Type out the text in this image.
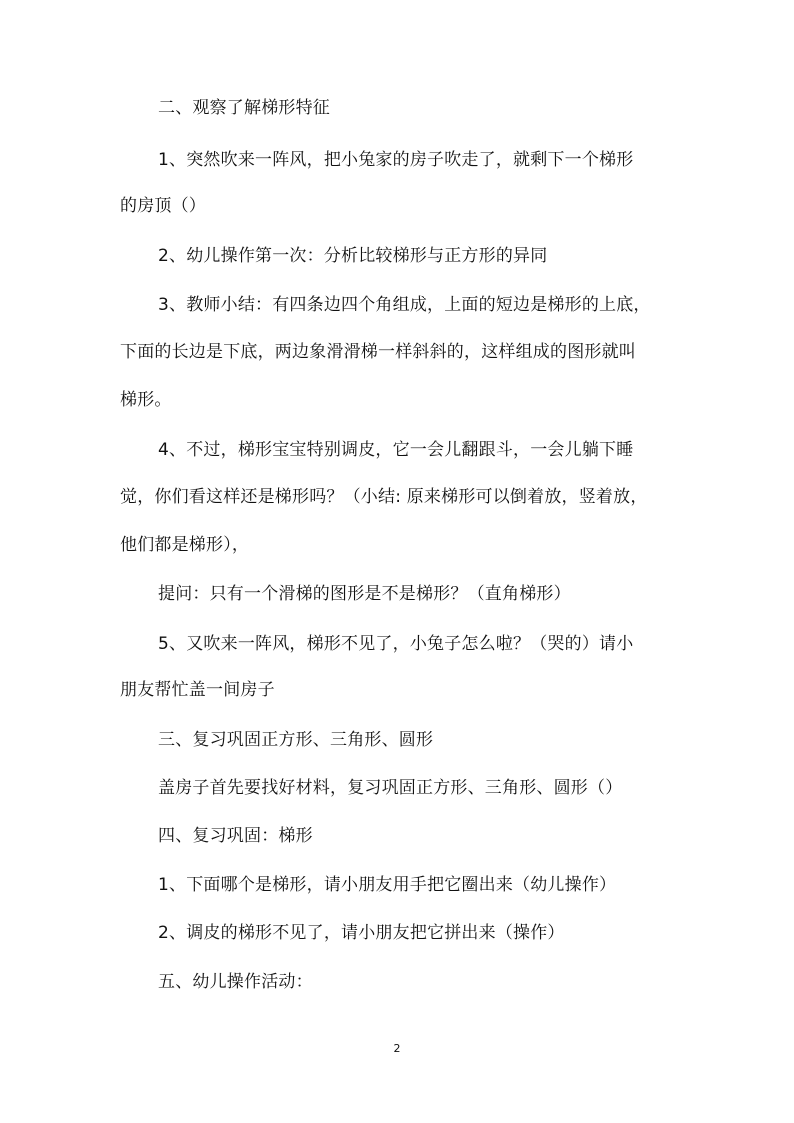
二、观察了解梯形特征
1、突然吹来一阵风，把小兔家的房子吹走了，就剩下一个梯形
的房顶（）
2、幼儿操作第一次：分析比较梯形与正方形的异同
3、教师小结：有四条边四个角组成，上面的短边是梯形的上底，
下面的长边是下底，两边象滑滑梯一样斜斜的，这样组成的图形就叫
梯形。
4、不过，梯形宝宝特别调皮，它一会儿翻跟斗，一会儿躺下睡
觉，你们看这样还是梯形吗？（小结: 原来梯形可以倒着放，竖着放，
他们都是梯形），
提问：只有一个滑梯的图形是不是梯形？（直角梯形）
5、又吹来一阵风，梯形不见了，小兔子怎么啦？（哭的）请小
朋友帮忙盖一间房子
三、复习巩固正方形、三角形、圆形
盖房子首先要找好材料，复习巩固正方形、三角形、圆形（）
四、复习巩固：梯形
1、下面哪个是梯形，请小朋友用手把它圈出来（幼儿操作）
2、调皮的梯形不见了，请小朋友把它拼出来（操作）
五、幼儿操作活动：
2
